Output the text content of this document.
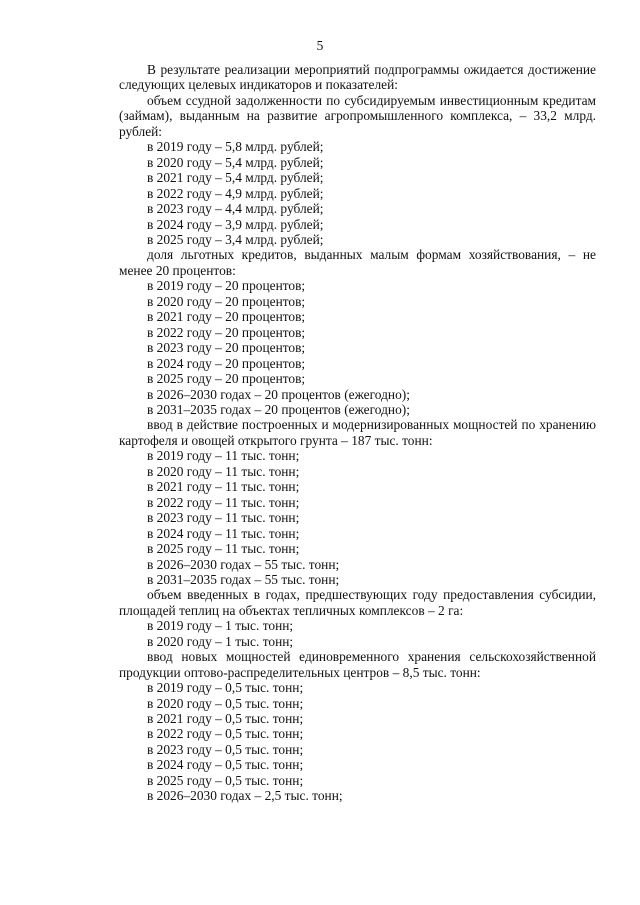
5
В результате реализации мероприятий подпрограммы ожидается достижение следующих целевых индикаторов и показателей:
объем ссудной задолженности по субсидируемым инвестиционным кредитам (займам), выданным на развитие агропромышленного комплекса, – 33,2 млрд. рублей:
в 2019 году – 5,8 млрд. рублей;
в 2020 году – 5,4 млрд. рублей;
в 2021 году – 5,4 млрд. рублей;
в 2022 году – 4,9 млрд. рублей;
в 2023 году – 4,4 млрд. рублей;
в 2024 году – 3,9 млрд. рублей;
в 2025 году – 3,4 млрд. рублей;
доля льготных кредитов, выданных малым формам хозяйствования, – не менее 20 процентов:
в 2019 году – 20 процентов;
в 2020 году – 20 процентов;
в 2021 году – 20 процентов;
в 2022 году – 20 процентов;
в 2023 году – 20 процентов;
в 2024 году – 20 процентов;
в 2025 году – 20 процентов;
в 2026–2030 годах – 20 процентов (ежегодно);
в 2031–2035 годах – 20 процентов (ежегодно);
ввод в действие построенных и модернизированных мощностей по хранению картофеля и овощей открытого грунта – 187 тыс. тонн:
в 2019 году – 11 тыс. тонн;
в 2020 году – 11 тыс. тонн;
в 2021 году – 11 тыс. тонн;
в 2022 году – 11 тыс. тонн;
в 2023 году – 11 тыс. тонн;
в 2024 году – 11 тыс. тонн;
в 2025 году – 11 тыс. тонн;
в 2026–2030 годах – 55 тыс. тонн;
в 2031–2035 годах – 55 тыс. тонн;
объем введенных в годах, предшествующих году предоставления субсидии, площадей теплиц на объектах тепличных комплексов – 2 га:
в 2019 году – 1 тыс. тонн;
в 2020 году – 1 тыс. тонн;
ввод новых мощностей единовременного хранения сельскохозяйственной продукции оптово-распределительных центров – 8,5 тыс. тонн:
в 2019 году – 0,5 тыс. тонн;
в 2020 году – 0,5 тыс. тонн;
в 2021 году – 0,5 тыс. тонн;
в 2022 году – 0,5 тыс. тонн;
в 2023 году – 0,5 тыс. тонн;
в 2024 году – 0,5 тыс. тонн;
в 2025 году – 0,5 тыс. тонн;
в 2026–2030 годах – 2,5 тыс. тонн;
